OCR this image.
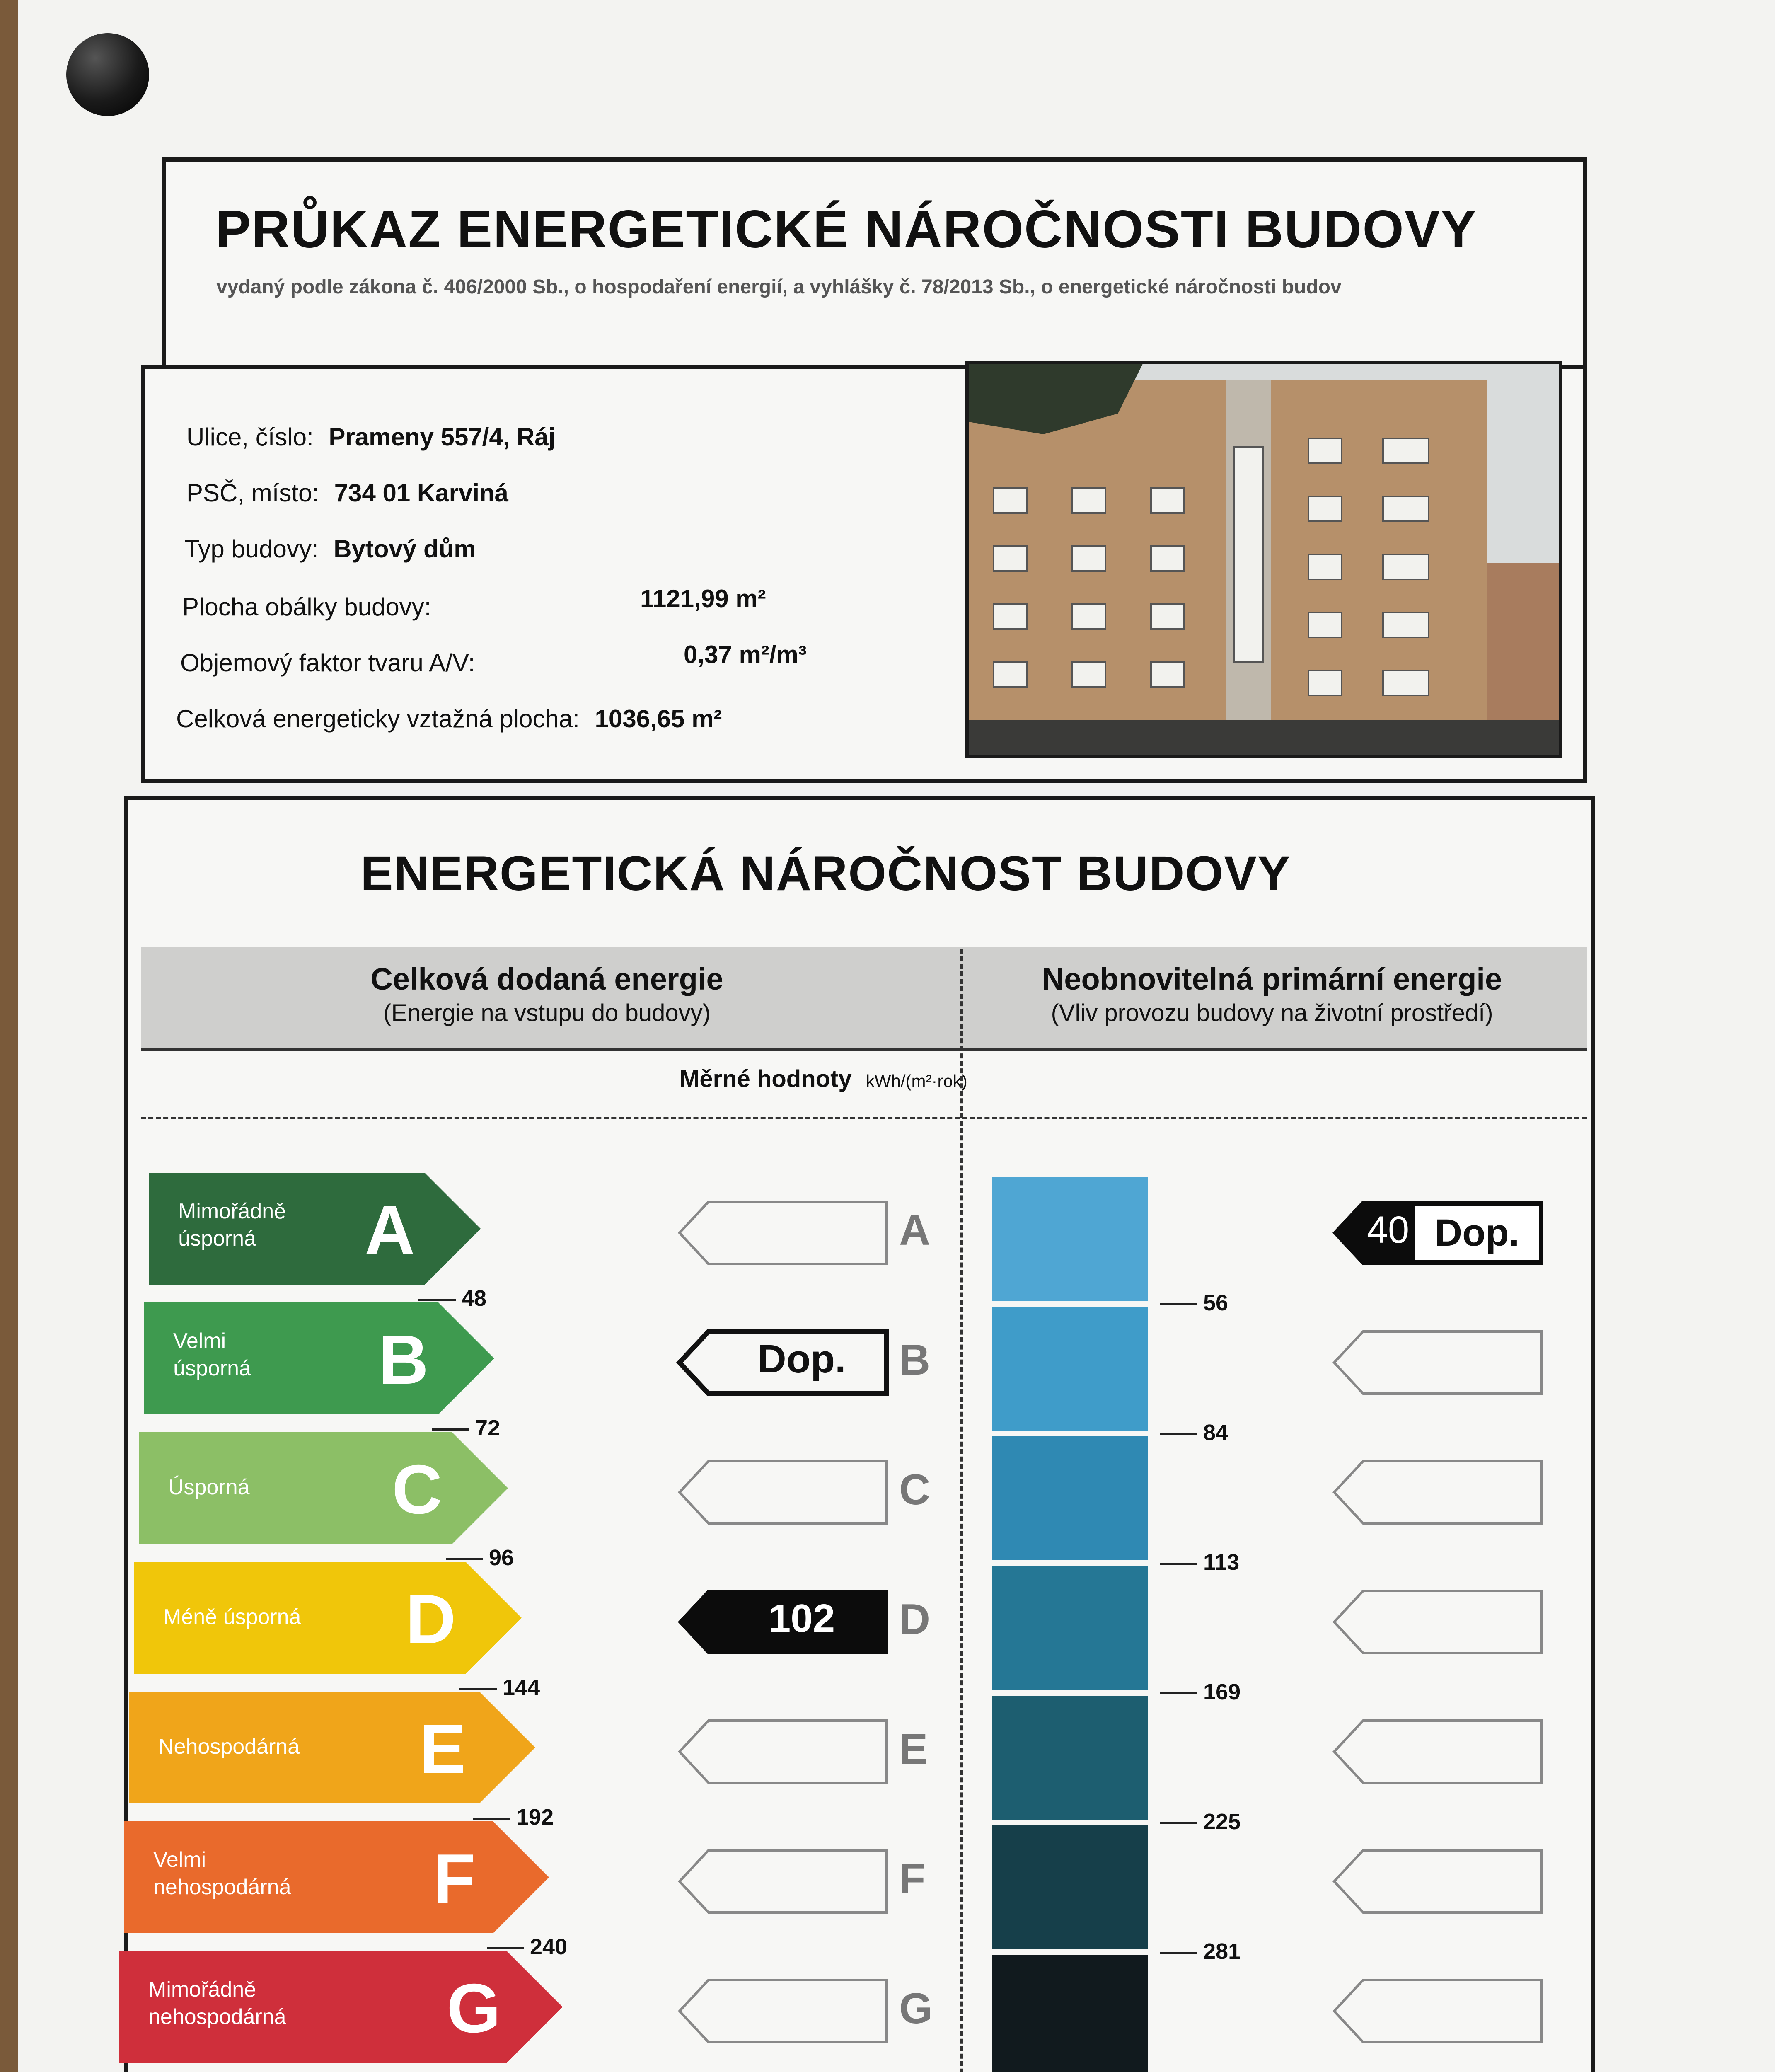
PRŮKAZ ENERGETICKÉ NÁROČNOSTI BUDOVY
vydaný podle zákona č. 406/2000 Sb., o hospodaření energií, a vyhlášky č. 78/2013 Sb., o energetické náročnosti budov
Ulice, číslo: Prameny 557/4, Ráj
PSČ, místo: 734 01 Karviná
Typ budovy: Bytový dům
Plocha obálky budovy:	1121,99 m²
Objemový faktor tvaru A/V:	0,37 m²/m³
Celková energeticky vztažná plocha: 1036,65 m²
ENERGETICKÁ NÁROČNOST BUDOVY
Celková dodaná energie
(Energie na vstupu do budovy)
Neobnovitelná primární energie
(Vliv provozu budovy na životní prostředí)
Měrné hodnoty kWh/(m²·rok)
Mimořádně
úsporná	A
48
A
56
40 Dop.
Velmi
úsporná B
72
Dop.	B
84
Úsporná C
96
C
113
Méně úsporná D
144
102	D
169
Nehospodárná E
192
E
225
Velmi
nehospodárná F
240
F
281
Mimořádně
nehospodárná G	G
